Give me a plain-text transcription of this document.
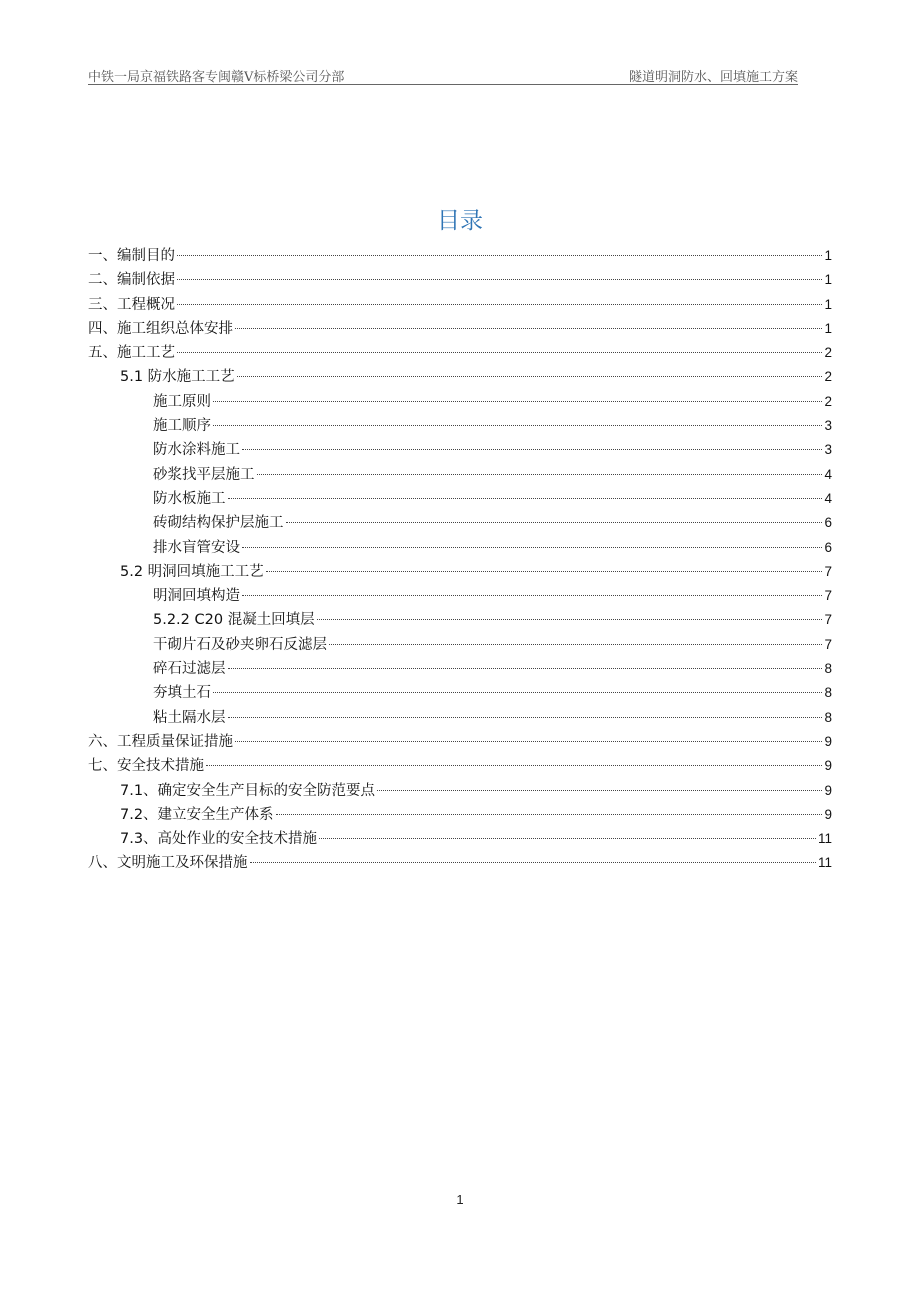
中铁一局京福铁路客专闽赣Ⅴ标桥梁公司分部	隧道明洞防水、回填施工方案
目录
一、编制目的	1
二、编制依据	1
三、工程概况	1
四、施工组织总体安排	1
五、施工工艺	2
5.1 防水施工工艺	2
施工原则	2
施工顺序	3
防水涂料施工	3
砂浆找平层施工	4
防水板施工	4
砖砌结构保护层施工	6
排水盲管安设	6
5.2 明洞回填施工工艺	7
明洞回填构造	7
5.2.2 C20 混凝土回填层	7
干砌片石及砂夹卵石反滤层	7
碎石过滤层	8
夯填土石	8
粘土隔水层	8
六、工程质量保证措施	9
七、安全技术措施	9
7.1、确定安全生产目标的安全防范要点	9
7.2、建立安全生产体系	9
7.3、高处作业的安全技术措施	11
八、文明施工及环保措施	11
1
